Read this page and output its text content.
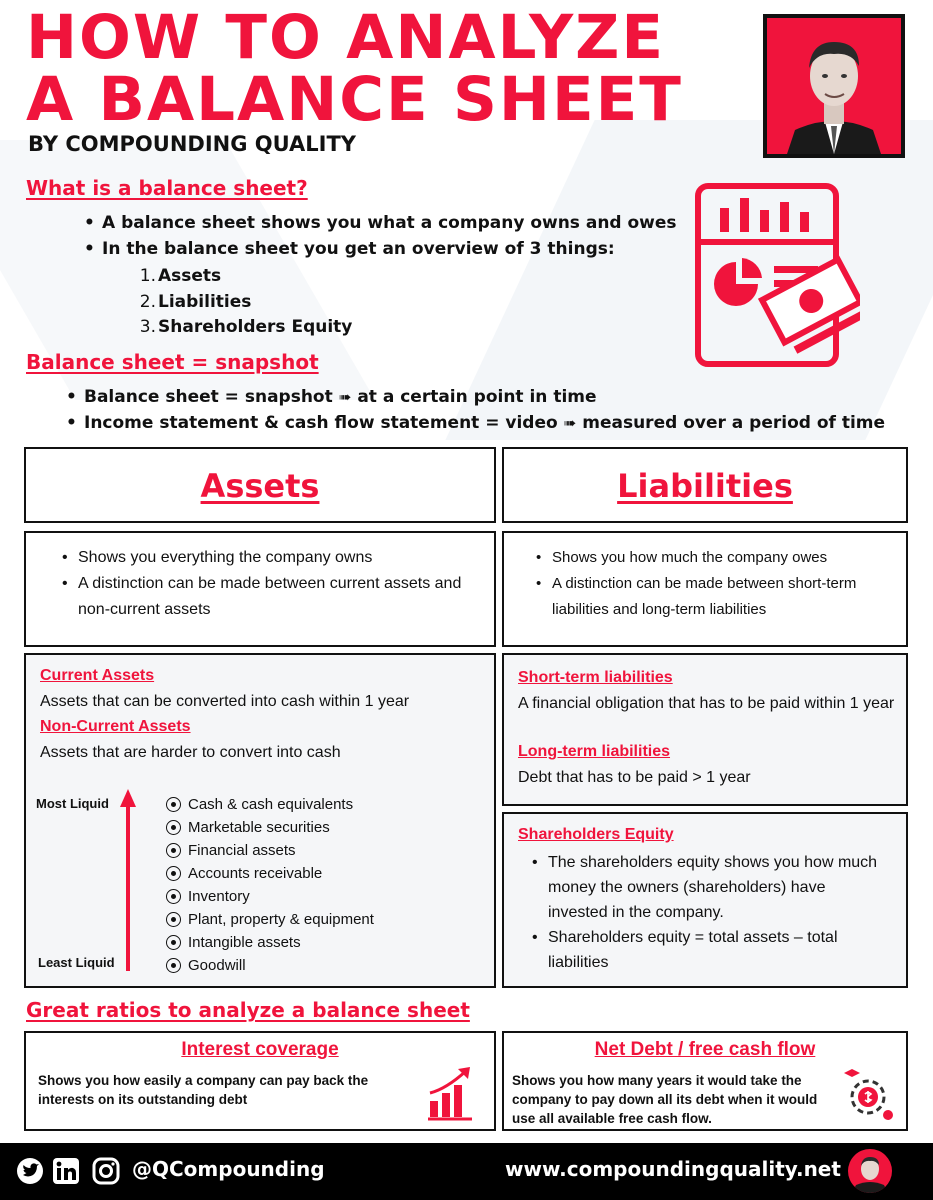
HOW TO ANALYZE
A BALANCE SHEET
BY COMPOUNDING QUALITY
What is a balance sheet?
• A balance sheet shows you what a company owns and owes
• In the balance sheet you get an overview of 3 things:
1. Assets
2. Liabilities
3. Shareholders Equity
Balance sheet = snapshot
• Balance sheet = snapshot ➠ at a certain point in time
• Income statement & cash flow statement = video ➠ measured over a period of time
Assets	Liabilities
• Shows you everything the company owns
• A distinction can be made between current assets and non-current assets
• Shows you how much the company owes
• A distinction can be made between short-term liabilities and long-term liabilities
Current Assets
Assets that can be converted into cash within 1 year
Non-Current Assets
Assets that are harder to convert into cash
Most Liquid
Least Liquid
Cash & cash equivalents
Marketable securities
Financial assets
Accounts receivable
Inventory
Plant, property & equipment
Intangible assets
Goodwill
Short-term liabilities
A financial obligation that has to be paid within 1 year
Long-term liabilities
Debt that has to be paid > 1 year
Shareholders Equity
• The shareholders equity shows you how much money the owners (shareholders) have invested in the company.
• Shareholders equity = total assets – total liabilities
Great ratios to analyze a balance sheet
Interest coverage
Shows you how easily a company can pay back the interests on its outstanding debt
Net Debt / free cash flow
Shows you how many years it would take the company to pay down all its debt when it would use all available free cash flow.
@QCompounding	www.compoundingquality.net
